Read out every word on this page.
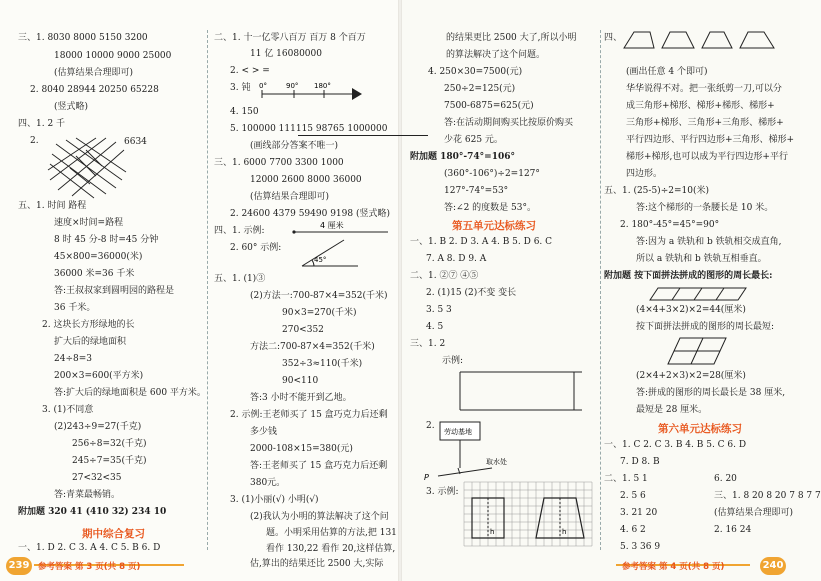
三、1. 8030 8000 5150 3200
18000 10000 9000 25000
(估算结果合理即可)
2. 8040 28944 20250 65228
(竖式略)
四、1. 2 千
2.	6634
五、1. 时间 路程
速度×时间=路程
8 时 45 分-8 时=45 分钟
45×800=36000(米)
36000 米=36 千米
答:王叔叔家到圆明园的路程是
36 千米。
2. 这块长方形绿地的长
扩大后的绿地面积
24÷8=3
200×3=600(平方米)
答:扩大后的绿地面积是 600 平方米。
3. (1)不同意
(2)243÷9=27(千克)
256÷8=32(千克)
245÷7=35(千克)
27<32<35
答:青菜最畅销。
附加题 320 41 (410 32) 234 10
期中综合复习
一、1. D 2. C 3. A 4. C 5. B 6. D
二、1. 十一亿零八百万 百万 8 个百万
11 亿 16080000
2. < > =
3. 钝 0°	90° 180°
4. 150
5. 100000 111115 98765 1000000
(画线部分答案不唯一)
三、1. 6000 7700 3300 1000
12000 2600 8000 36000
(估算结果合理即可)
2. 24600 4379 59490 9198 (竖式略)
四、1. 示例:
4 厘米
2. 60° 示例:
45°
五、1. (1)③
(2)方法一:700-87×4=352(千米)
90×3=270(千米)
270<352
方法二:700-87×4=352(千米)
352÷3≈110(千米)
90<110
答:3 小时不能开到乙地。
2. 示例:王老师买了 15 盒巧克力后还剩
多少钱
2000-108×15=380(元)
答:王老师买了 15 盒巧克力后还剩
380元。
3. (1)小丽(√) 小明(√)
(2)我认为小明的算法解决了这个问
题。小明采用估算的方法,把 131
看作 130,22 看作 20,这样估算,
估,算出的结果还比 2500 大,实际
的结果更比 2500 大了,所以小明
的算法解决了这个问题。
4. 250×30=7500(元)
250÷2=125(元)
7500-6875=625(元)
答:在活动期间购买比按原价购买
少花 625 元。
附加题 180°-74°=106°
(360°-106°)÷2=127°
127°-74°=53°
答:∠2 的度数是 53°。
第五单元达标练习
一、1. B 2. D 3. A 4. B 5. D 6. C
7. A 8. D 9. A
二、1. ②⑦ ④⑤
2. (1)15 (2)不变 变长
3. 5 3
4. 5
三、1. 2
示例:
2.
劳动基地
P
取水处
3. 示例:
h	h
四、
(画出任意 4 个即可)
华华说得不对。把一张纸剪一刀,可以分
成三角形+梯形、梯形+梯形、梯形+
三角形+梯形、三角形+三角形、梯形+
平行四边形、平行四边形+三角形、梯形+
梯形+梯形,也可以成为平行四边形+平行
四边形。
五、1. (25-5)÷2=10(米)
答:这个梯形的一条腰长是 10 米。
2. 180°-45°=45°=90°
答:因为 a 铁轨和 b 铁轨相交成直角,
所以 a 铁轨和 b 铁轨互相垂直。
附加题 按下面拼法拼成的图形的周长最长:
(4×4+3×2)×2=44(厘米)
按下面拼法拼成的图形的周长最短:
(2×4+2×3)×2=28(厘米)
答:拼成的图形的周长最长是 38 厘米,
最短是 28 厘米。
第六单元达标练习
一、1. C 2. C 3. B 4. B 5. C 6. D
7. D 8. B
二、1. 5 1
2. 5 6
3. 21 20
4. 6 2
5. 3 36 9
6. 20
三、1. 8 20 8 20 7 8 7 7
(估算结果合理即可)
2. 16 24
239	参考答案 第 3 页(共 8 页)	参考答案 第 4 页(共 8 页)	240
